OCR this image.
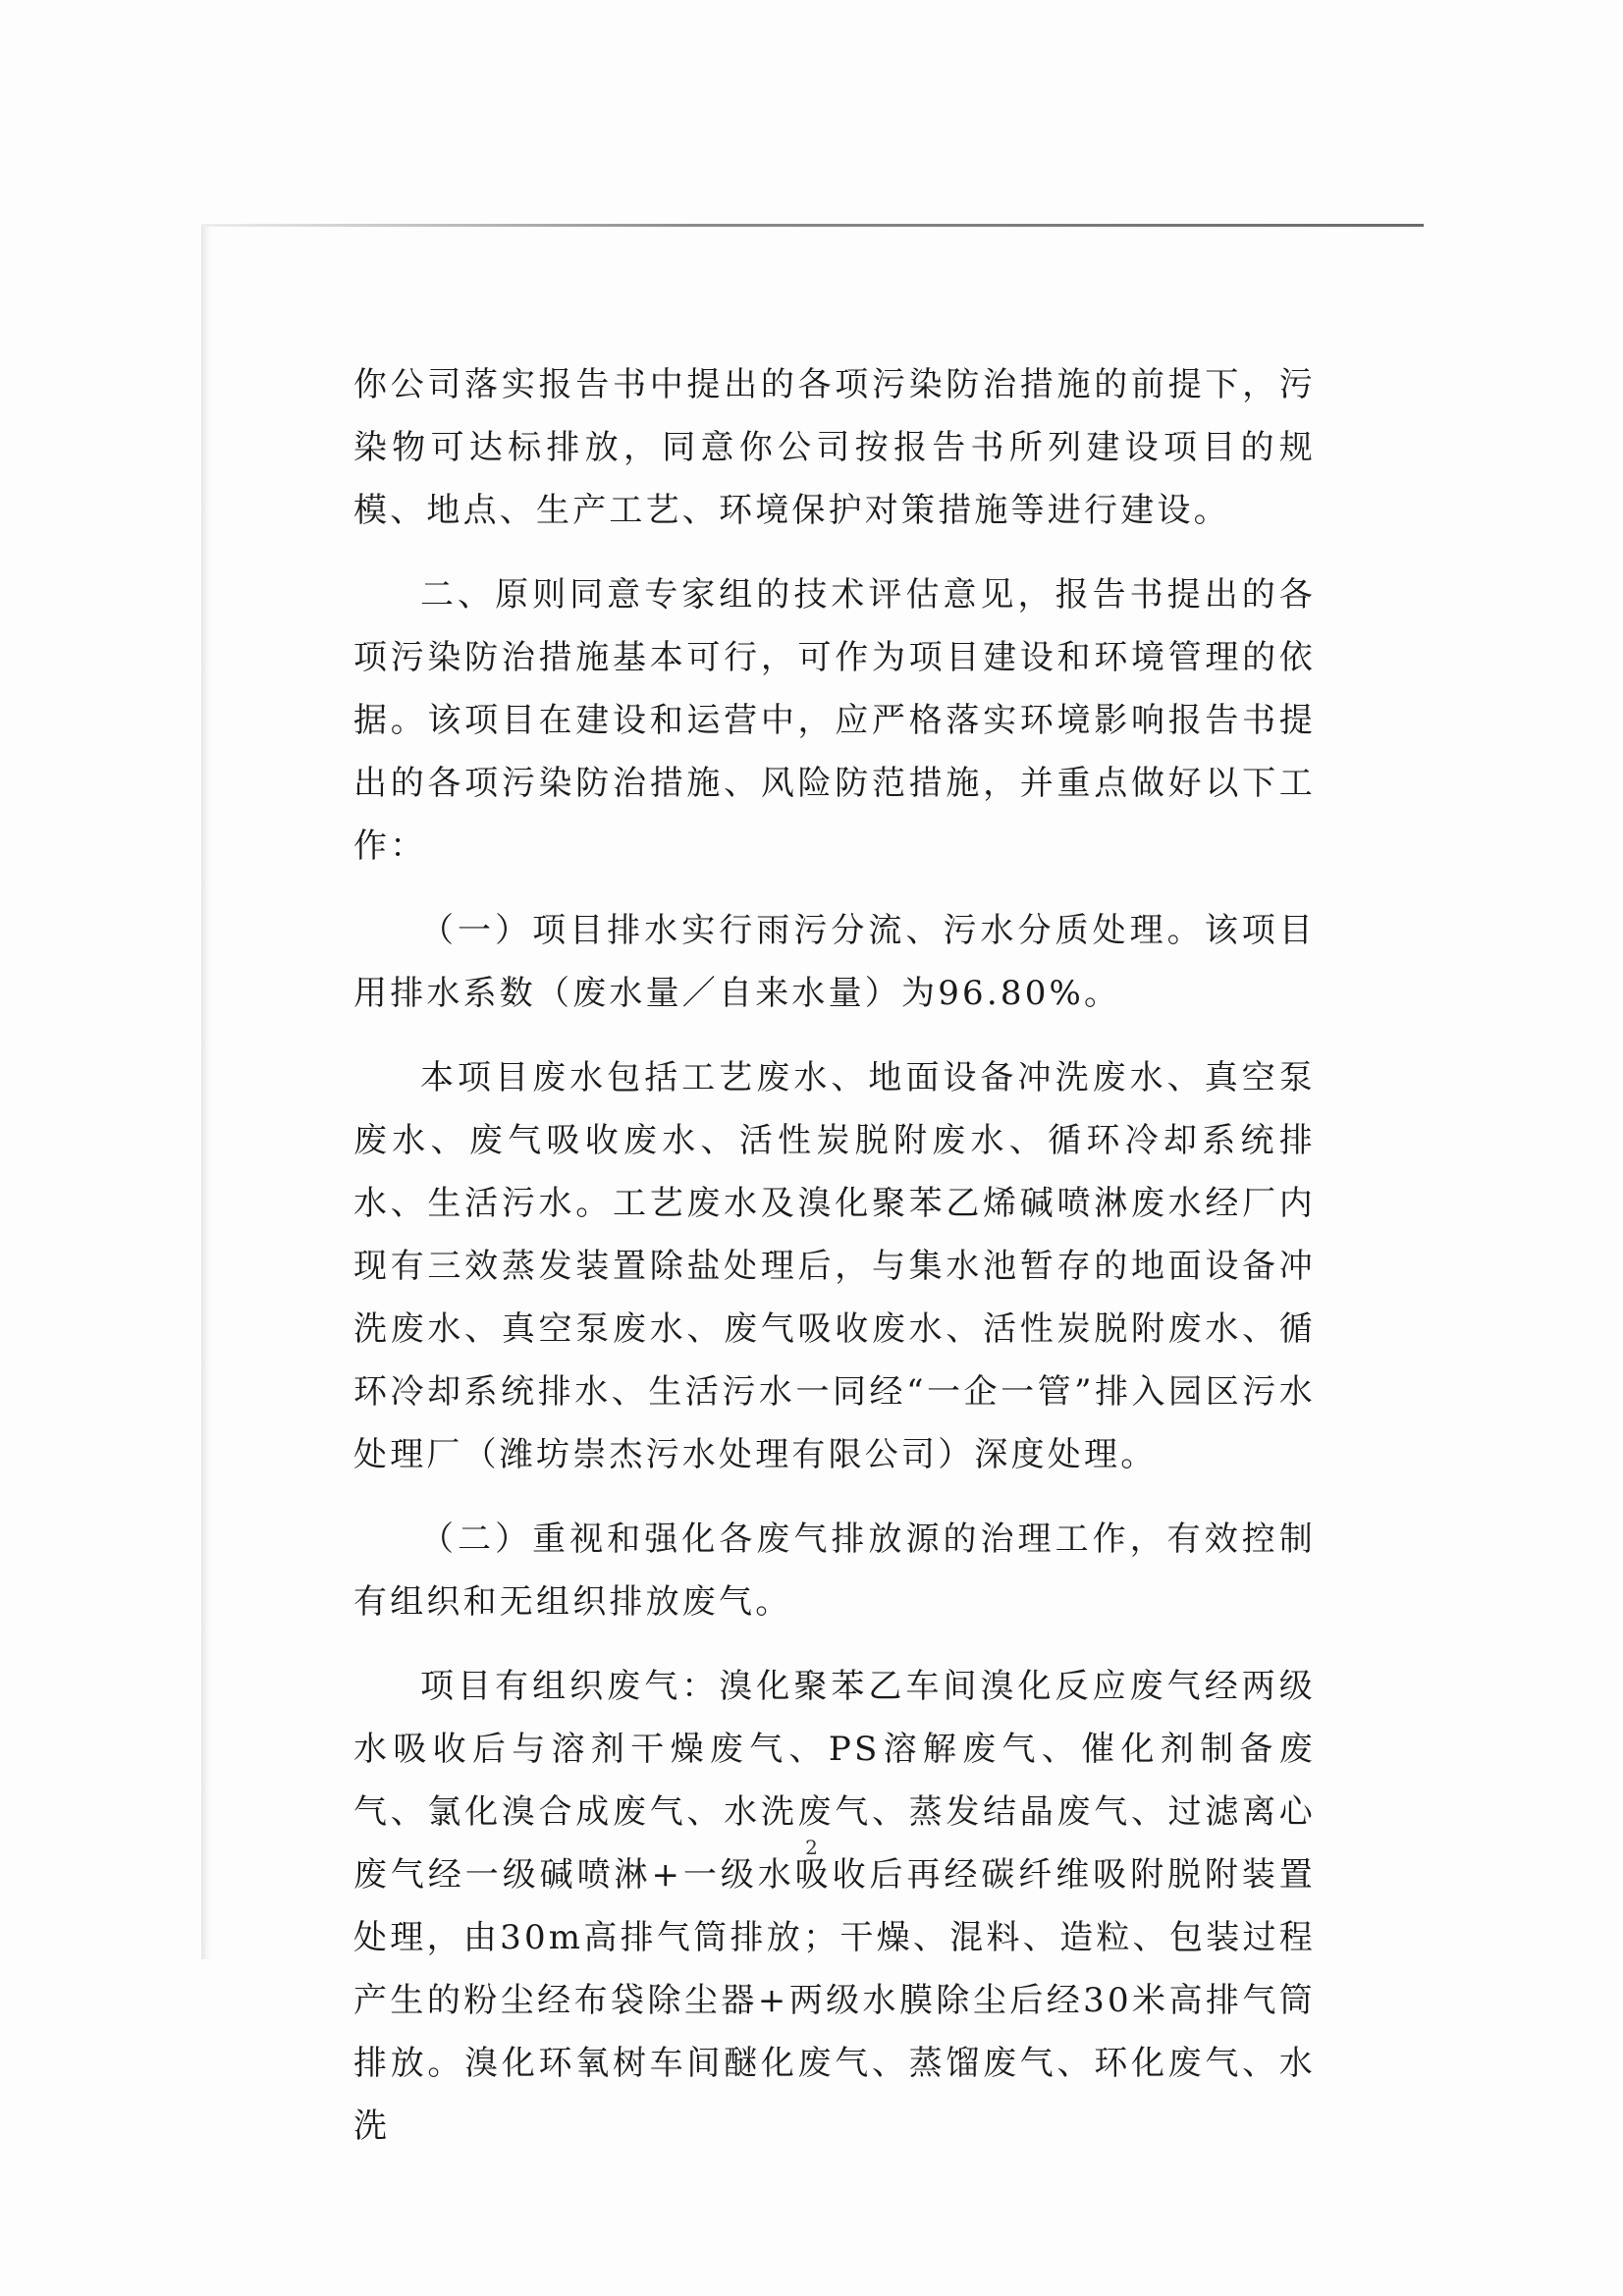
你公司落实报告书中提出的各项污染防治措施的前提下，污染物可达标排放，同意你公司按报告书所列建设项目的规模、地点、生产工艺、环境保护对策措施等进行建设。

二、原则同意专家组的技术评估意见，报告书提出的各项污染防治措施基本可行，可作为项目建设和环境管理的依据。该项目在建设和运营中，应严格落实环境影响报告书提出的各项污染防治措施、风险防范措施，并重点做好以下工作：

（一）项目排水实行雨污分流、污水分质处理。该项目用排水系数（废水量／自来水量）为96.80%。

本项目废水包括工艺废水、地面设备冲洗废水、真空泵废水、废气吸收废水、活性炭脱附废水、循环冷却系统排水、生活污水。工艺废水及溴化聚苯乙烯碱喷淋废水经厂内现有三效蒸发装置除盐处理后，与集水池暂存的地面设备冲洗废水、真空泵废水、废气吸收废水、活性炭脱附废水、循环冷却系统排水、生活污水一同经“一企一管”排入园区污水处理厂（潍坊崇杰污水处理有限公司）深度处理。

（二）重视和强化各废气排放源的治理工作，有效控制有组织和无组织排放废气。

项目有组织废气：溴化聚苯乙车间溴化反应废气经两级水吸收后与溶剂干燥废气、PS溶解废气、催化剂制备废气、氯化溴合成废气、水洗废气、蒸发结晶废气、过滤离心废气经一级碱喷淋+一级水吸收后再经碳纤维吸附脱附装置处理，由30m高排气筒排放；干燥、混料、造粒、包装过程产生的粉尘经布袋除尘器+两级水膜除尘后经30米高排气筒排放。溴化环氧树车间醚化废气、蒸馏废气、环化废气、水洗

2
